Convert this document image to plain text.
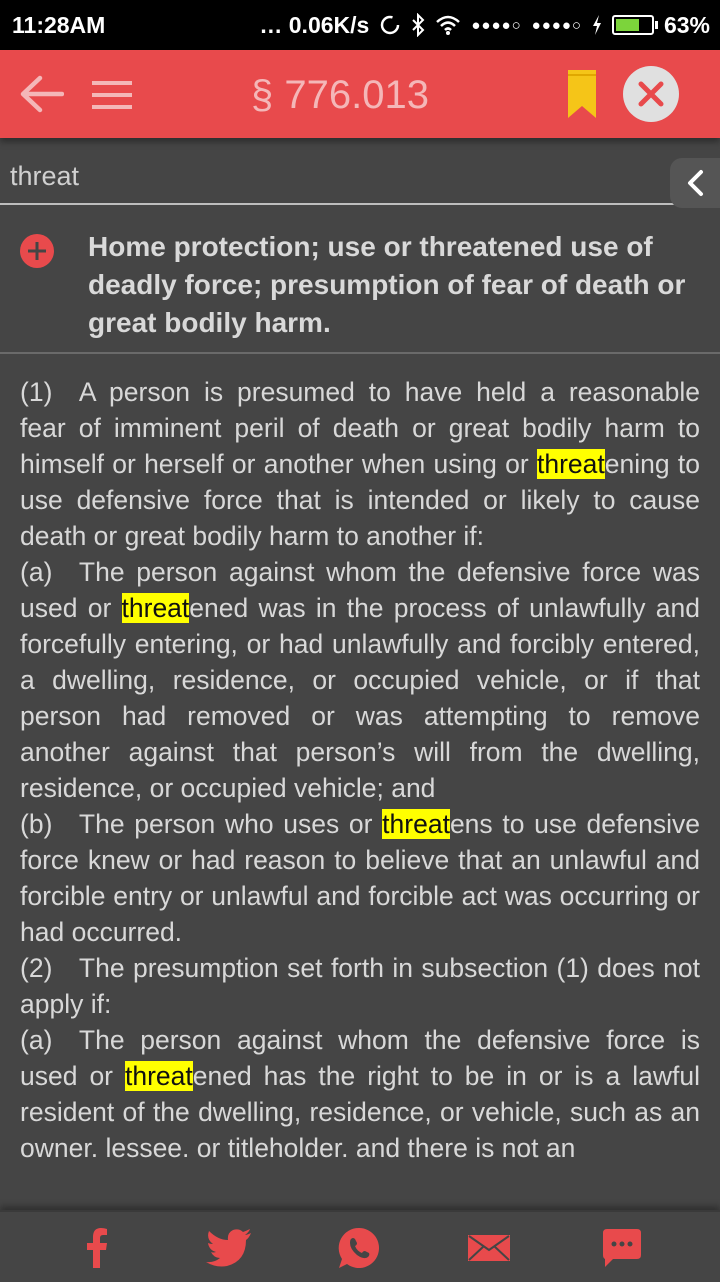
11:28AM	… 0.06K/s	●●●●○ ●●●●○	63%
§ 776.013
threat
Home protection; use or threatened use of deadly force; presumption of fear of death or great bodily harm.

(1) A person is presumed to have held a reasonable fear of imminent peril of death or great bodily harm to himself or herself or another when using or threatening to use defensive force that is intended or likely to cause death or great bodily harm to another if:

(a) The person against whom the defensive force was used or threatened was in the process of unlawfully and forcefully entering, or had unlawfully and forcibly entered, a dwelling, residence, or occupied vehicle, or if that person had removed or was attempting to remove another against that person’s will from the dwelling, residence, or occupied vehicle; and

(b) The person who uses or threatens to use defensive force knew or had reason to believe that an unlawful and forcible entry or unlawful and forcible act was occurring or had occurred.

(2) The presumption set forth in subsection (1) does not apply if:

(a) The person against whom the defensive force is used or threatened has the right to be in or is a lawful resident of the dwelling, residence, or vehicle, such as an owner. lessee. or titleholder. and there is not an
